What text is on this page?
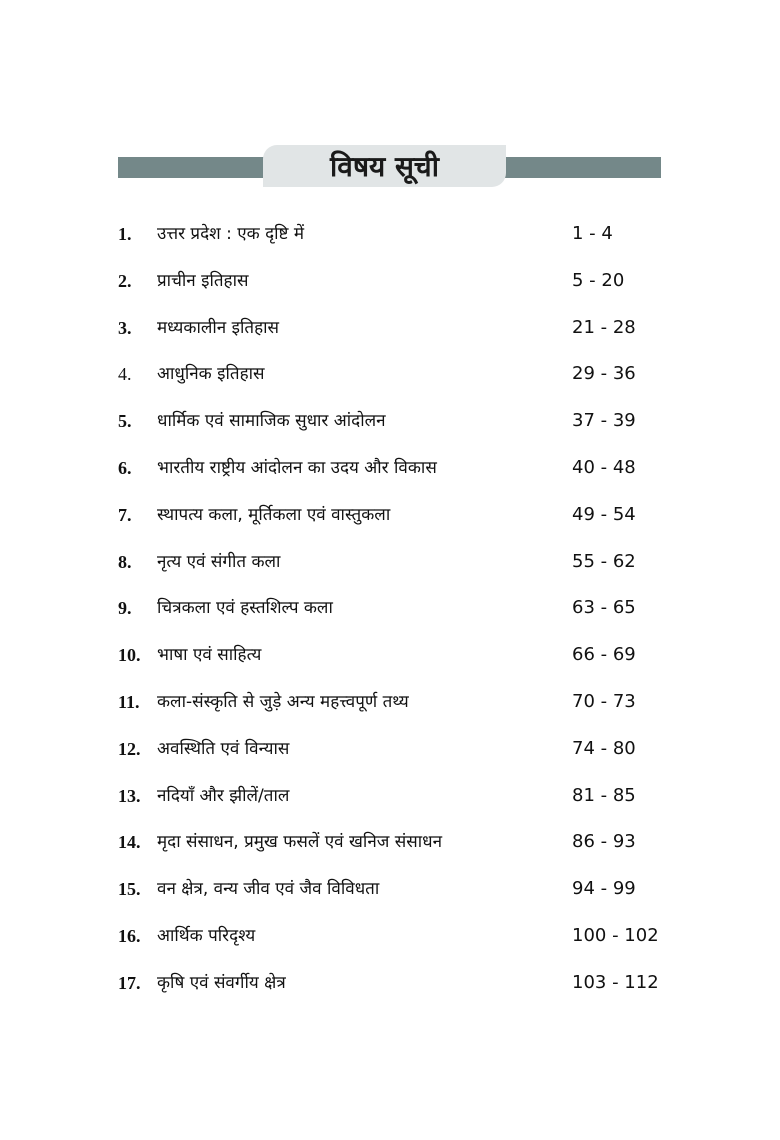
विषय सूची
1.	उत्तर प्रदेश : एक दृष्टि में	1 - 4
2.	प्राचीन इतिहास	5 - 20
3.	मध्यकालीन इतिहास	21 - 28
4.	आधुनिक इतिहास	29 - 36
5.	धार्मिक एवं सामाजिक सुधार आंदोलन	37 - 39
6.	भारतीय राष्ट्रीय आंदोलन का उदय और विकास	40 - 48
7.	स्थापत्य कला, मूर्तिकला एवं वास्तुकला	49 - 54
8.	नृत्य एवं संगीत कला	55 - 62
9.	चित्रकला एवं हस्तशिल्प कला	63 - 65
10. भाषा एवं साहित्य	66 - 69
11.	कला-संस्कृति से जुड़े अन्य महत्त्वपूर्ण तथ्य	70 - 73
12. अवस्थिति एवं विन्यास	74 - 80
13. नदियाँ और झीलें/ताल	81 - 85
14. मृदा संसाधन, प्रमुख फसलें एवं खनिज संसाधन	86 - 93
15. वन क्षेत्र, वन्य जीव एवं जैव विविधता	94 - 99
16. आर्थिक परिदृश्य	100 - 102
17. कृषि एवं संवर्गीय क्षेत्र	103 - 112
